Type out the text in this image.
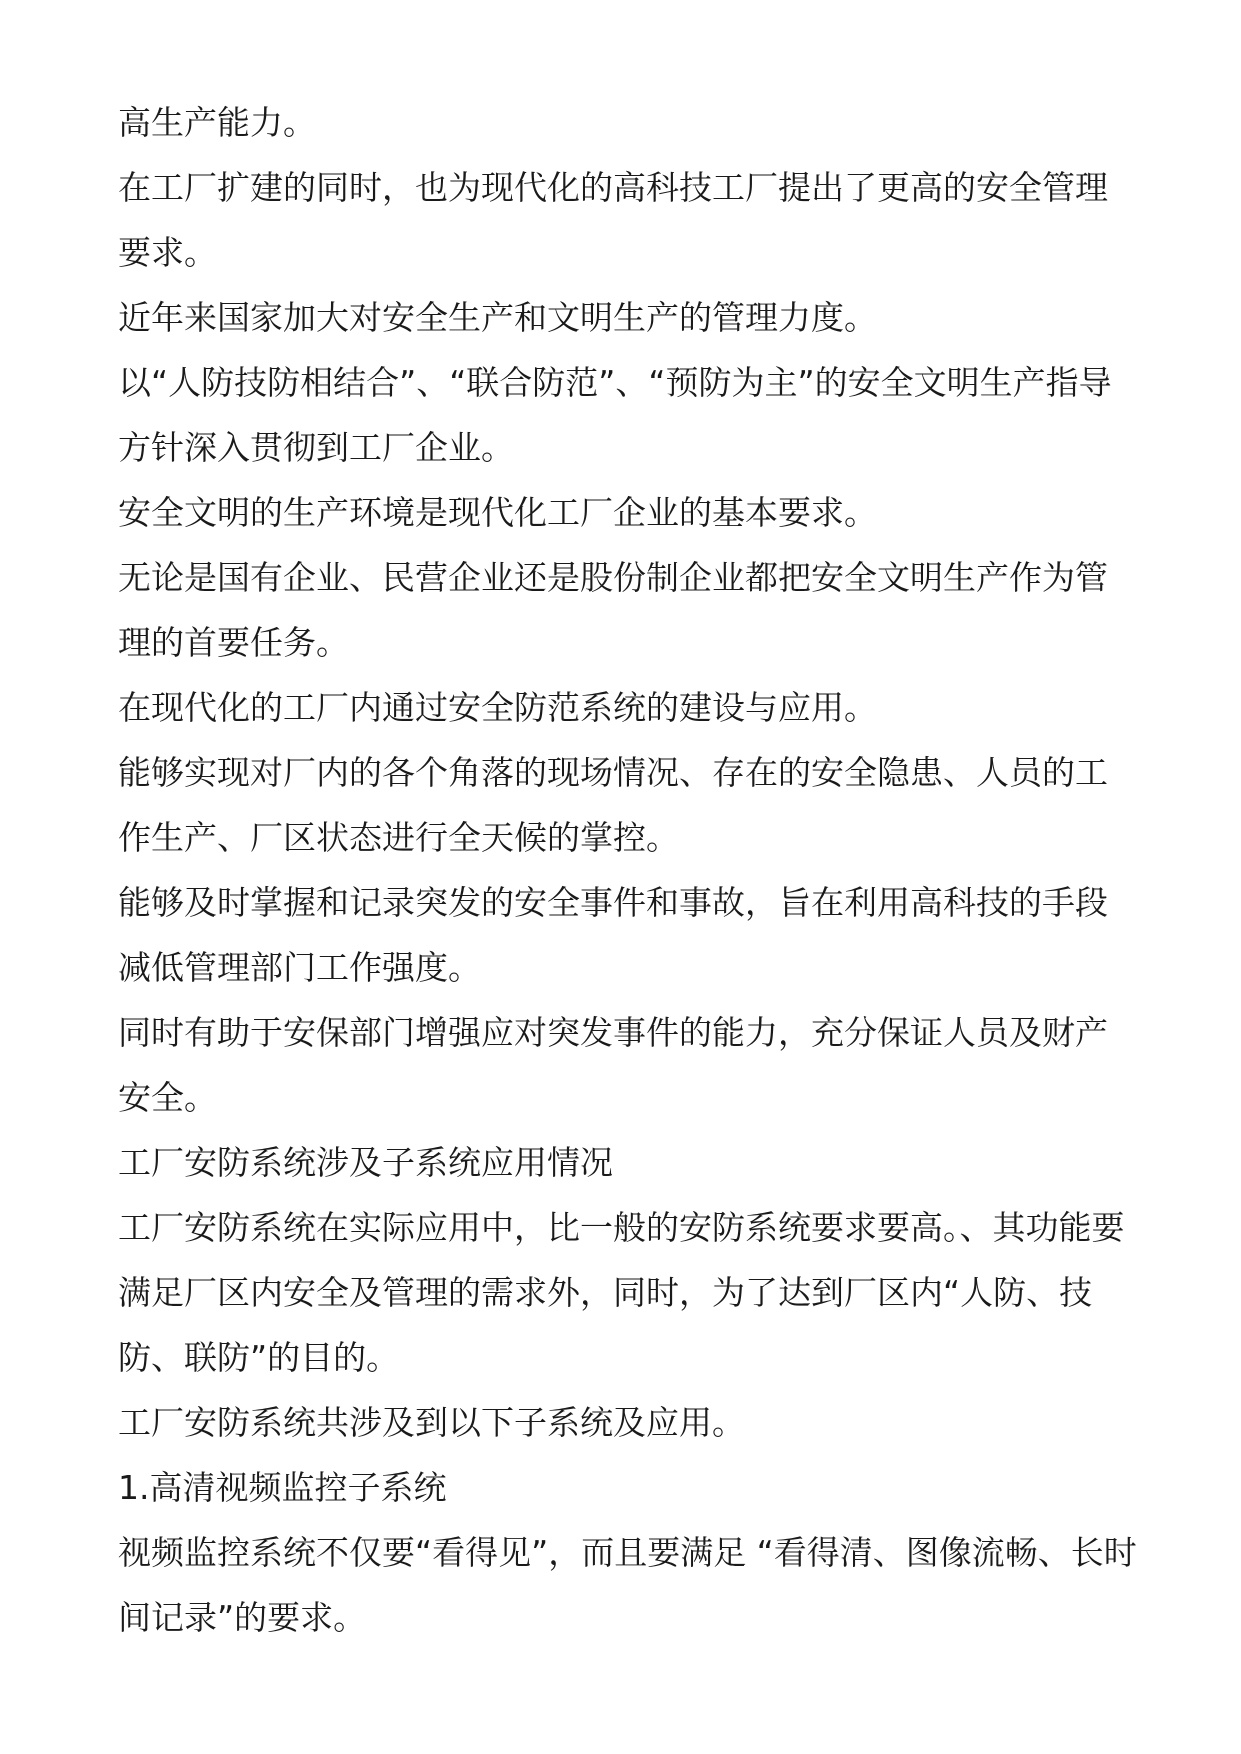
高生产能力。

在工厂扩建的同时，也为现代化的高科技工厂提出了更高的安全管理要求。

近年来国家加大对安全生产和文明生产的管理力度。

以“人防技防相结合”、“联合防范”、“预防为主”的安全文明生产指导方针深入贯彻到工厂企业。

安全文明的生产环境是现代化工厂企业的基本要求。

无论是国有企业、民营企业还是股份制企业都把安全文明生产作为管理的首要任务。

在现代化的工厂内通过安全防范系统的建设与应用。

能够实现对厂内的各个角落的现场情况、存在的安全隐患、人员的工作生产、厂区状态进行全天候的掌控。

能够及时掌握和记录突发的安全事件和事故，旨在利用高科技的手段减低管理部门工作强度。

同时有助于安保部门增强应对突发事件的能力，充分保证人员及财产安全。

工厂安防系统涉及子系统应用情况

工厂安防系统在实际应用中，比一般的安防系统要求要高。、其功能要满足厂区内安全及管理的需求外，同时，为了达到厂区内“人防、技防、联防”的目的。

工厂安防系统共涉及到以下子系统及应用。

1.高清视频监控子系统

视频监控系统不仅要“看得见”，而且要满足 “看得清、图像流畅、长时间记录”的要求。
